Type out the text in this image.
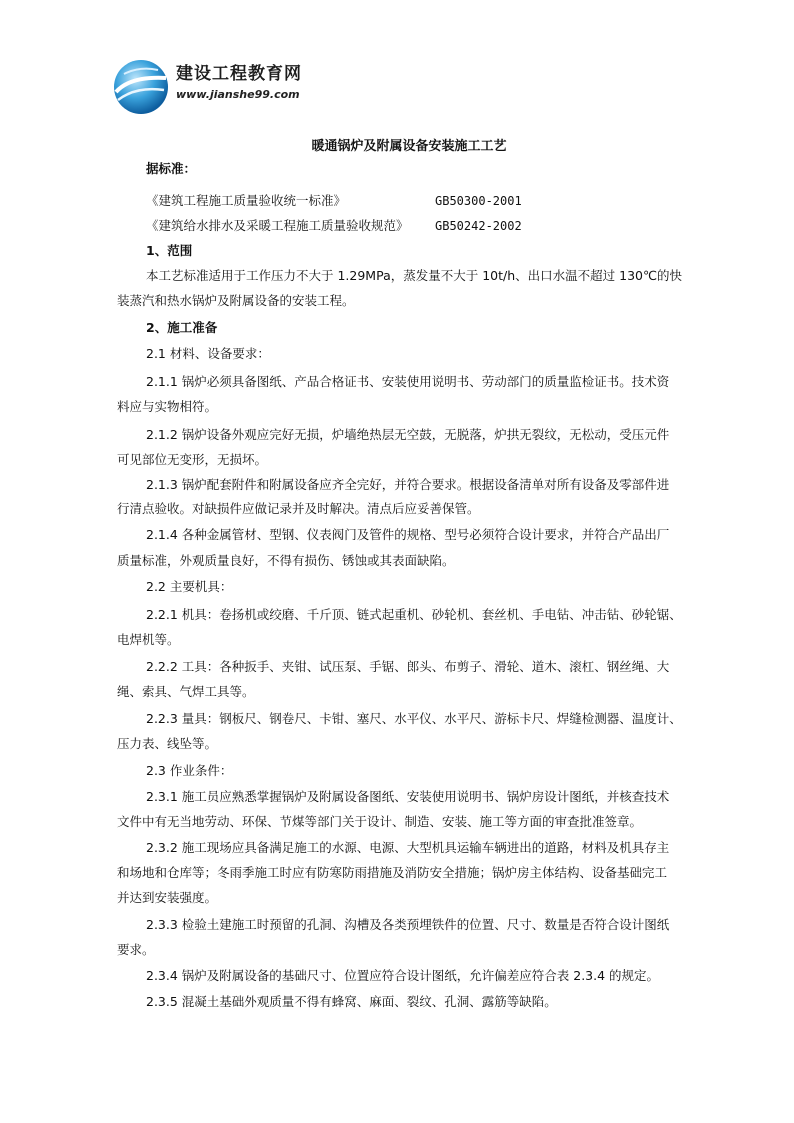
建设工程教育网
www.jianshe99.com
暖通锅炉及附属设备安装施工工艺
据标准：
《建筑工程施工质量验收统一标准》	GB50300-2001
《建筑给水排水及采暖工程施工质量验收规范》 GB50242-2002
1、范围
本工艺标准适用于工作压力不大于 1.29MPa，蒸发量不大于 10t/h、出口水温不超过 130℃的快
装蒸汽和热水锅炉及附属设备的安装工程。
2、施工准备
2.1 材料、设备要求：
2.1.1 锅炉必须具备图纸、产品合格证书、安装使用说明书、劳动部门的质量监检证书。技术资
料应与实物相符。
2.1.2 锅炉设备外观应完好无损，炉墙绝热层无空鼓，无脱落，炉拱无裂纹，无松动，受压元件
可见部位无变形，无损坏。
2.1.3 锅炉配套附件和附属设备应齐全完好，并符合要求。根据设备清单对所有设备及零部件进
行清点验收。对缺损件应做记录并及时解决。清点后应妥善保管。
2.1.4 各种金属管材、型钢、仪表阀门及管件的规格、型号必须符合设计要求，并符合产品出厂
质量标准，外观质量良好，不得有损伤、锈蚀或其表面缺陷。
2.2 主要机具：
2.2.1 机具：卷扬机或绞磨、千斤顶、链式起重机、砂轮机、套丝机、手电钻、冲击钻、砂轮锯、
电焊机等。
2.2.2 工具：各种扳手、夹钳、试压泵、手锯、郎头、布剪子、滑轮、道木、滚杠、钢丝绳、大
绳、索具、气焊工具等。
2.2.3 量具：钢板尺、钢卷尺、卡钳、塞尺、水平仪、水平尺、游标卡尺、焊缝检测器、温度计、
压力表、线坠等。
2.3 作业条件：
2.3.1 施工员应熟悉掌握锅炉及附属设备图纸、安装使用说明书、锅炉房设计图纸，并核查技术
文件中有无当地劳动、环保、节煤等部门关于设计、制造、安装、施工等方面的审查批准签章。
2.3.2 施工现场应具备满足施工的水源、电源、大型机具运输车辆进出的道路，材料及机具存主
和场地和仓库等；冬雨季施工时应有防寒防雨措施及消防安全措施；锅炉房主体结构、设备基础完工
并达到安装强度。
2.3.3 检验土建施工时预留的孔洞、沟槽及各类预埋铁件的位置、尺寸、数量是否符合设计图纸
要求。
2.3.4 锅炉及附属设备的基础尺寸、位置应符合设计图纸，允许偏差应符合表 2.3.4 的规定。
2.3.5 混凝土基础外观质量不得有蜂窝、麻面、裂纹、孔洞、露筋等缺陷。
